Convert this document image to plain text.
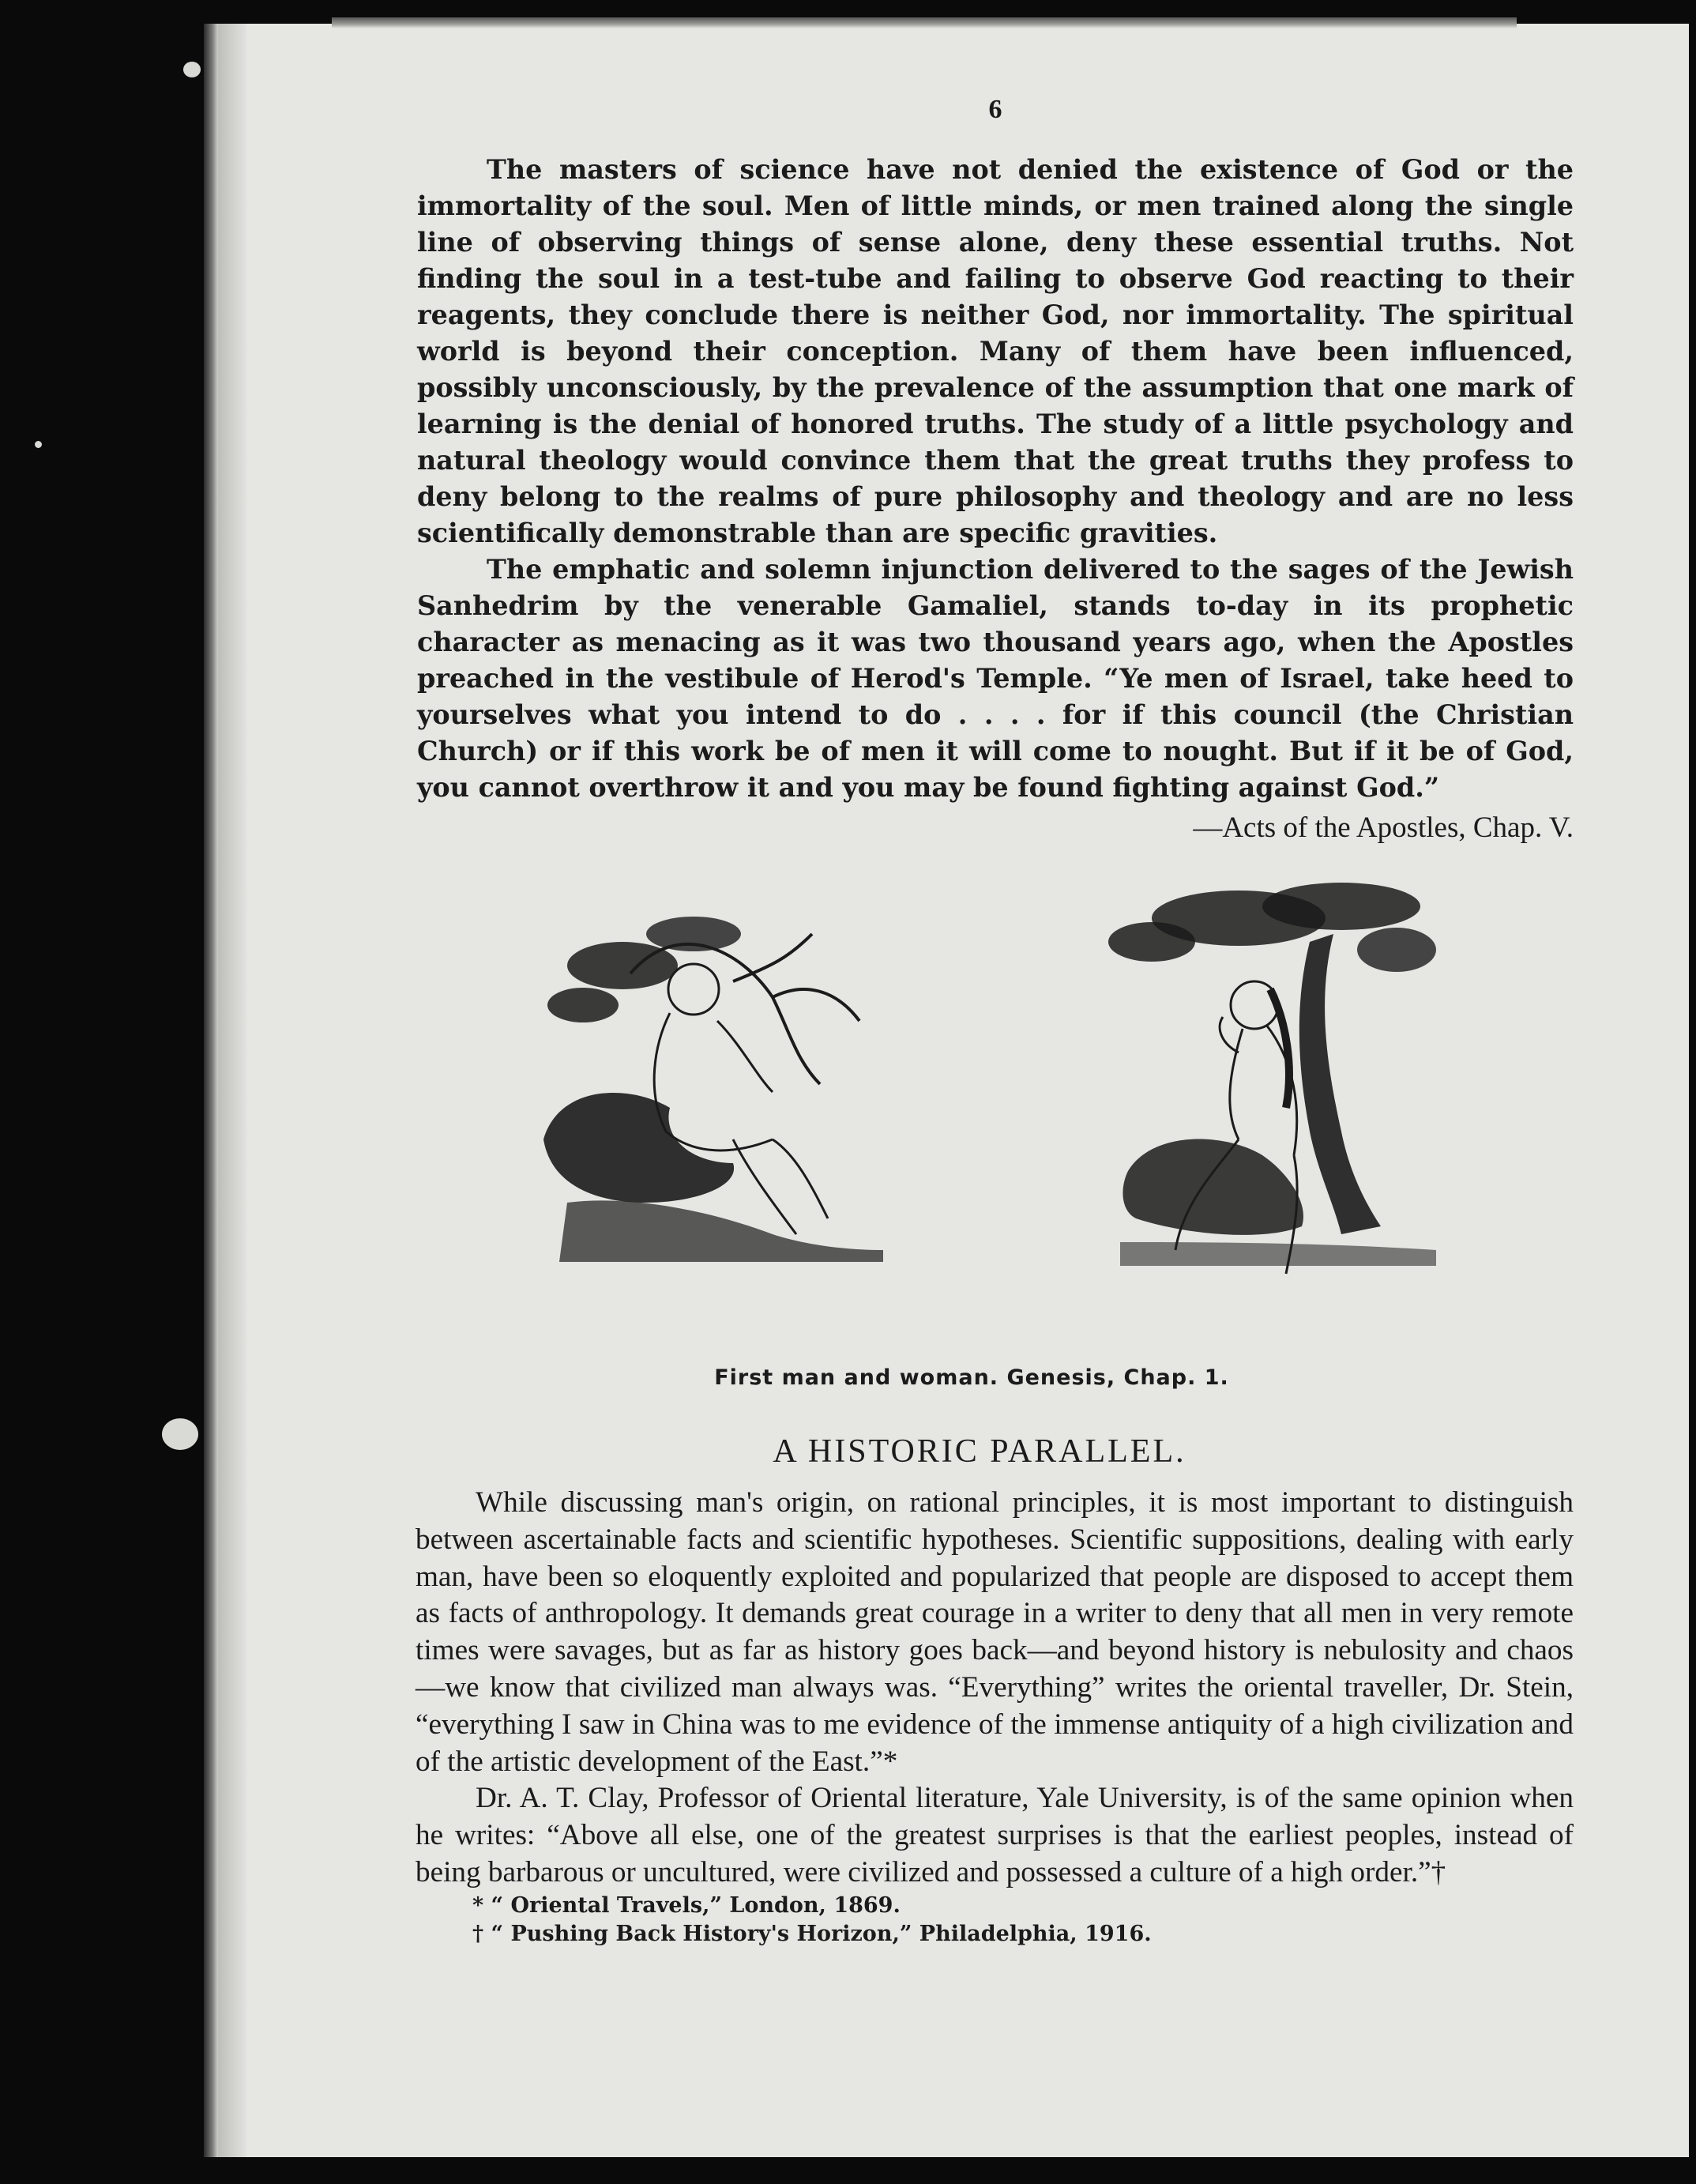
6

The masters of science have not denied the existence of God or the immortality of the soul. Men of little minds, or men trained along the single line of observing things of sense alone, deny these essential truths. Not finding the soul in a test-tube and failing to observe God reacting to their reagents, they conclude there is neither God, nor immortality. The spiritual world is beyond their conception. Many of them have been influenced, possibly unconsciously, by the prevalence of the assumption that one mark of learning is the denial of honored truths. The study of a little psychology and natural theology would convince them that the great truths they profess to deny belong to the realms of pure philosophy and theology and are no less scientifically demonstrable than are specific gravities.

The emphatic and solemn injunction delivered to the sages of the Jewish Sanhedrim by the venerable Gamaliel, stands to-day in its prophetic character as menacing as it was two thousand years ago, when the Apostles preached in the vestibule of Herod's Temple. “Ye men of Israel, take heed to yourselves what you intend to do . . . . for if this council (the Christian Church) or if this work be of men it will come to nought. But if it be of God, you cannot overthrow it and you may be found fighting against God.”

—Acts of the Apostles, Chap. V.
First man and woman. Genesis, Chap. 1.
A HISTORIC PARALLEL.

While discussing man's origin, on rational principles, it is most important to distinguish between ascertainable facts and scientific hypotheses. Scientific suppositions, dealing with early man, have been so eloquently exploited and popularized that people are disposed to accept them as facts of anthropology. It demands great courage in a writer to deny that all men in very remote times were savages, but as far as history goes back—and beyond history is nebulosity and chaos—we know that civilized man always was. “Everything” writes the oriental traveller, Dr. Stein, “everything I saw in China was to me evidence of the immense antiquity of a high civilization and of the artistic development of the East.”*

Dr. A. T. Clay, Professor of Oriental literature, Yale University, is of the same opinion when he writes: “Above all else, one of the greatest surprises is that the earliest peoples, instead of being barbarous or uncultured, were civilized and possessed a culture of a high order.”†

* “ Oriental Travels,” London, 1869.
† “ Pushing Back History's Horizon,” Philadelphia, 1916.
